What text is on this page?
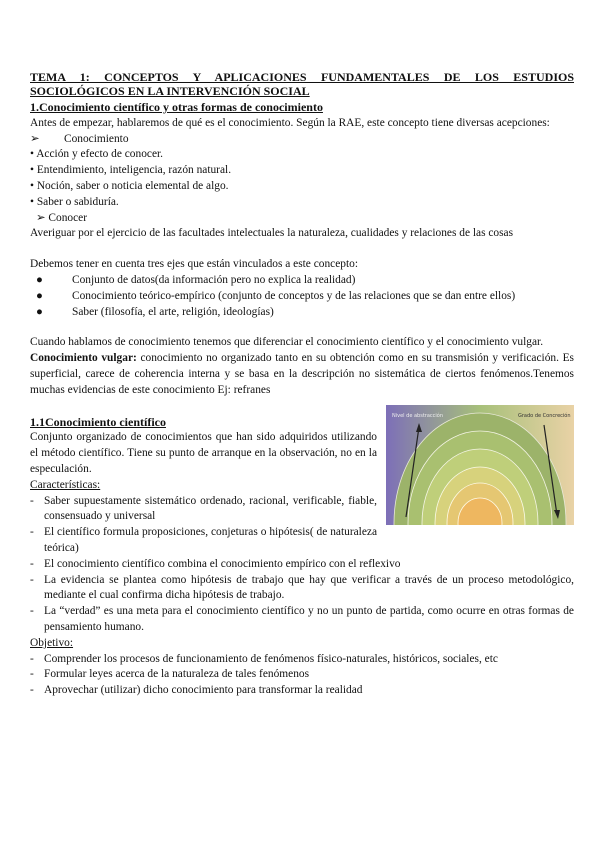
TEMA 1: CONCEPTOS Y APLICACIONES FUNDAMENTALES DE LOS ESTUDIOS
SOCIOLÓGICOS EN LA INTERVENCIÓN SOCIAL
1.Conocimiento científico y otras formas de conocimiento
Antes de empezar, hablaremos de qué es el conocimiento. Según la RAE, este concepto tiene diversas acepciones:
➢ Conocimiento
• Acción y efecto de conocer.
• Entendimiento, inteligencia, razón natural.
• Noción, saber o noticia elemental de algo.
• Saber o sabiduría.
➢ Conocer
Averiguar por el ejercicio de las facultades intelectuales la naturaleza, cualidades y relaciones de las cosas
Debemos tener en cuenta tres ejes que están vinculados a este concepto:
●	Conjunto de datos(da información pero no explica la realidad)
●	Conocimiento teórico-empírico (conjunto de conceptos y de las relaciones que se dan entre ellos)
●	Saber (filosofía, el arte, religión, ideologías)
Cuando hablamos de conocimiento tenemos que diferenciar el conocimiento científico y el conocimiento vulgar.
Conocimiento vulgar: conocimiento no organizado tanto en su obtención como en su transmisión y verificación. Es superficial, carece de coherencia interna y se basa en la descripción no sistemática de ciertos fenómenos.Tenemos muchas evidencias de este conocimiento Ej: refranes
Nivel de abstracción	Grado de Concreción
1.1Conocimiento científico
Conjunto organizado de conocimientos que han sido adquiridos utilizando el método científico. Tiene su punto de arranque en la observación, no en la especulación.
Características:
- Saber supuestamente sistemático ordenado, racional, verificable, fiable, consensuado y universal
- El científico formula proposiciones, conjeturas o hipótesis( de naturaleza teórica)
- El conocimiento científico combina el conocimiento empírico con el reflexivo
- La evidencia se plantea como hipótesis de trabajo que hay que verificar a través de un proceso metodológico, mediante el cual confirma dicha hipótesis de trabajo.
- La “verdad” es una meta para el conocimiento científico y no un punto de partida, como ocurre en otras formas de pensamiento humano.
Objetivo:
- Comprender los procesos de funcionamiento de fenómenos físico-naturales, históricos, sociales, etc
- Formular leyes acerca de la naturaleza de tales fenómenos
- Aprovechar (utilizar) dicho conocimiento para transformar la realidad
